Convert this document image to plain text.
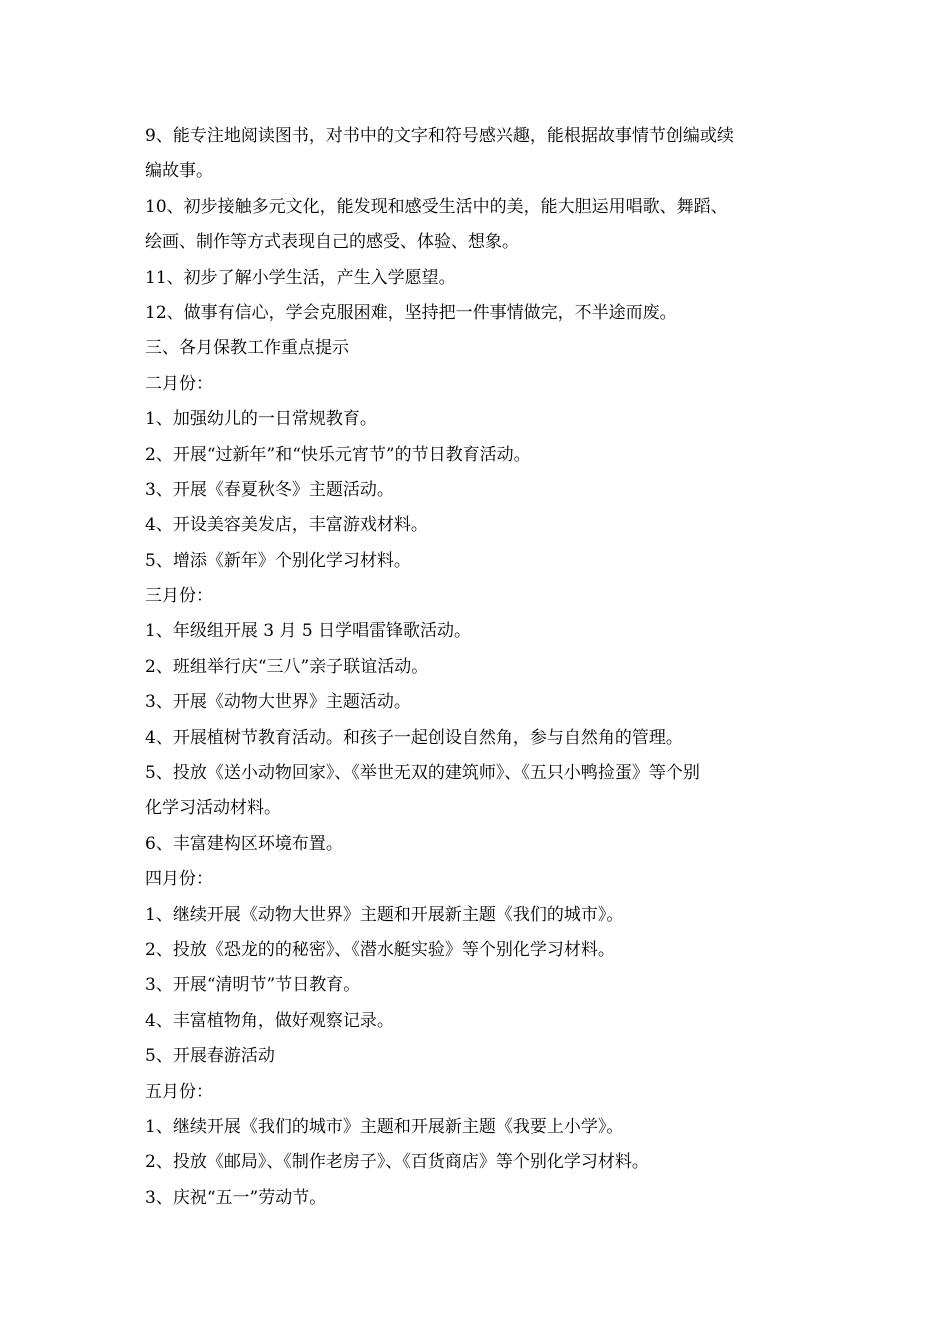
9、能专注地阅读图书，对书中的文字和符号感兴趣，能根据故事情节创编或续
编故事。
10、初步接触多元文化，能发现和感受生活中的美，能大胆运用唱歌、舞蹈、
绘画、制作等方式表现自己的感受、体验、想象。
11、初步了解小学生活，产生入学愿望。
12、做事有信心，学会克服困难，坚持把一件事情做完，不半途而废。
三、各月保教工作重点提示
二月份：
1、加强幼儿的一日常规教育。
2、开展“过新年”和“快乐元宵节”的节日教育活动。
3、开展《春夏秋冬》主题活动。
4、开设美容美发店，丰富游戏材料。
5、增添《新年》个别化学习材料。
三月份：
1、年级组开展 3 月 5 日学唱雷锋歌活动。
2、班组举行庆“三八”亲子联谊活动。
3、开展《动物大世界》主题活动。
4、开展植树节教育活动。和孩子一起创设自然角，参与自然角的管理。
5、投放《送小动物回家》、《举世无双的建筑师》、《五只小鸭捡蛋》等个别
化学习活动材料。
6、丰富建构区环境布置。
四月份：
1、继续开展《动物大世界》主题和开展新主题《我们的城市》。
2、投放《恐龙的的秘密》、《潜水艇实验》等个别化学习材料。
3、开展“清明节”节日教育。
4、丰富植物角，做好观察记录。
5、开展春游活动
五月份：
1、继续开展《我们的城市》主题和开展新主题《我要上小学》。
2、投放《邮局》、《制作老房子》、《百货商店》等个别化学习材料。
3、庆祝“五一”劳动节。
